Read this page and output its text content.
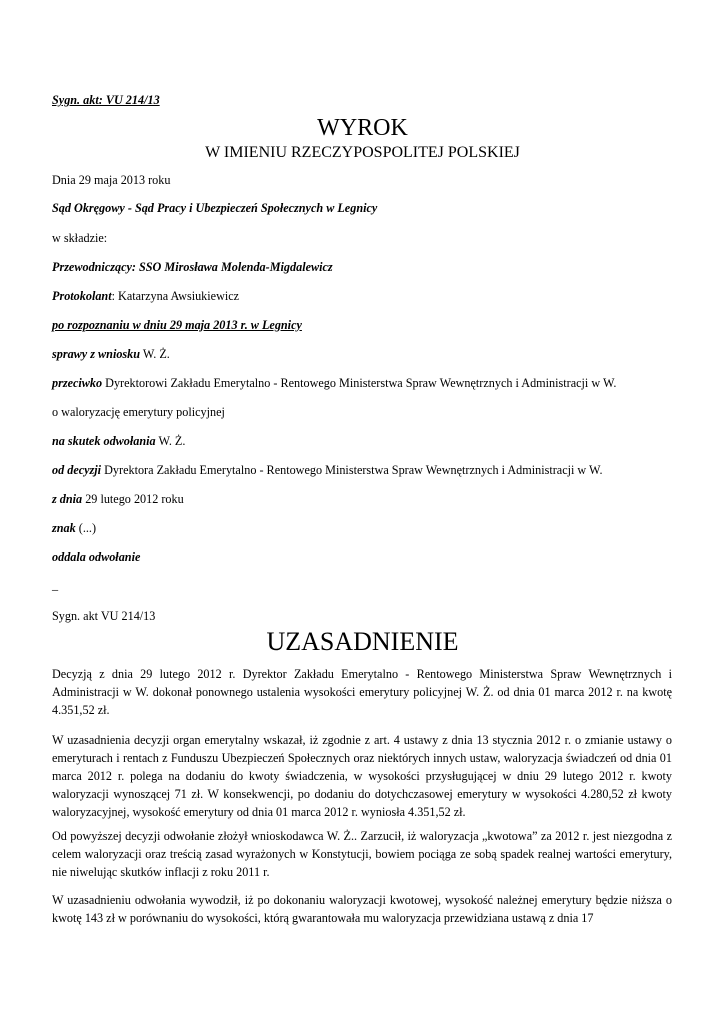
Sygn. akt: VU 214/13
WYROK
W IMIENIU RZECZYPOSPOLITEJ POLSKIEJ
Dnia 29 maja 2013 roku
Sąd Okręgowy - Sąd Pracy i Ubezpieczeń Społecznych w Legnicy
w składzie:
Przewodniczący: SSO Mirosława Molenda-Migdalewicz
Protokolant: Katarzyna Awsiukiewicz
po rozpoznaniu w dniu 29 maja 2013 r. w Legnicy
sprawy z wniosku W. Ż.
przeciwko Dyrektorowi Zakładu Emerytalno - Rentowego Ministerstwa Spraw Wewnętrznych i Administracji w W.
o waloryzację emerytury policyjnej
na skutek odwołania W. Ż.
od decyzji Dyrektora Zakładu Emerytalno - Rentowego Ministerstwa Spraw Wewnętrznych i Administracji w W.
z dnia 29 lutego 2012 roku
znak (...)
oddala odwołanie
_
Sygn. akt VU 214/13
UZASADNIENIE

Decyzją z dnia 29 lutego 2012 r. Dyrektor Zakładu Emerytalno - Rentowego Ministerstwa Spraw Wewnętrznych i Administracji w W. dokonał ponownego ustalenia wysokości emerytury policyjnej W. Ż. od dnia 01 marca 2012 r. na kwotę 4.351,52 zł.

W uzasadnienia decyzji organ emerytalny wskazał, iż zgodnie z art. 4 ustawy z dnia 13 stycznia 2012 r. o zmianie ustawy o emeryturach i rentach z Funduszu Ubezpieczeń Społecznych oraz niektórych innych ustaw, waloryzacja świadczeń od dnia 01 marca 2012 r. polega na dodaniu do kwoty świadczenia, w wysokości przysługującej w dniu 29 lutego 2012 r. kwoty waloryzacji wynoszącej 71 zł. W konsekwencji, po dodaniu do dotychczasowej emerytury w wysokości 4.280,52 zł kwoty waloryzacyjnej, wysokość emerytury od dnia 01 marca 2012 r. wyniosła 4.351,52 zł.

Od powyższej decyzji odwołanie złożył wnioskodawca W. Ż.. Zarzucił, iż waloryzacja „kwotowa” za 2012 r. jest niezgodna z celem waloryzacji oraz treścią zasad wyrażonych w Konstytucji, bowiem pociąga ze sobą spadek realnej wartości emerytury, nie niwelując skutków inflacji z roku 2011 r.

W uzasadnieniu odwołania wywodził, iż po dokonaniu waloryzacji kwotowej, wysokość należnej emerytury będzie niższa o kwotę 143 zł w porównaniu do wysokości, którą gwarantowała mu waloryzacja przewidziana ustawą z dnia 17
